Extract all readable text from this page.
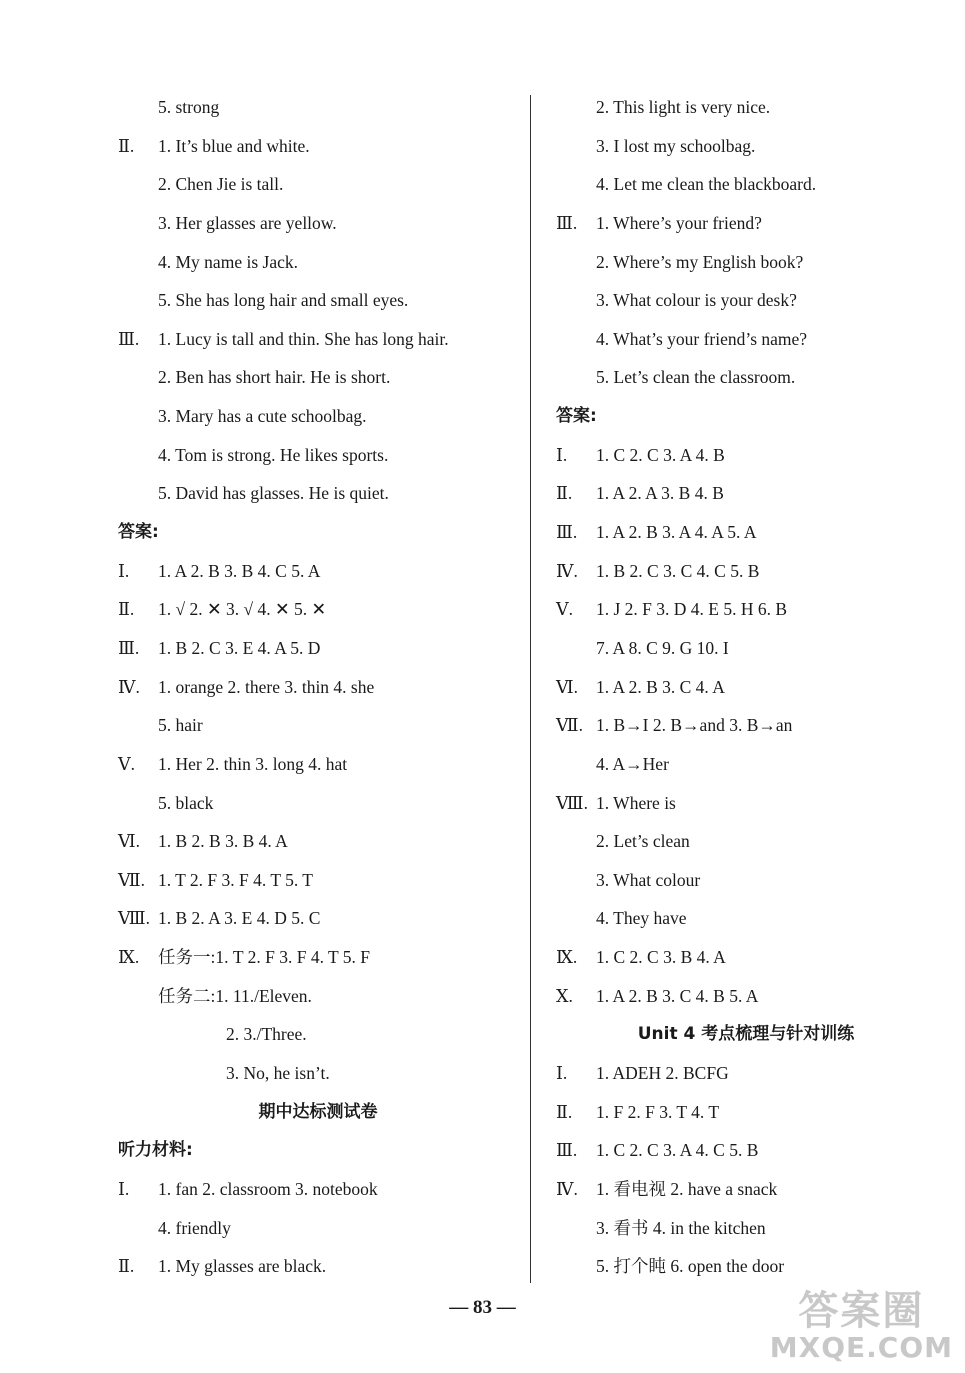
5. strong
Ⅱ. 1. It’s blue and white.
2. Chen Jie is tall.
3. Her glasses are yellow.
4. My name is Jack.
5. She has long hair and small eyes.
Ⅲ. 1. Lucy is tall and thin. She has long hair.
2. Ben has short hair. He is short.
3. Mary has a cute schoolbag.
4. Tom is strong. He likes sports.
5. David has glasses. He is quiet.
答案:
Ⅰ. 1. A 2. B 3. B 4. C 5. A
Ⅱ. 1. √ 2. ✕ 3. √ 4. ✕ 5. ✕
Ⅲ. 1. B 2. C 3. E 4. A 5. D
Ⅳ. 1. orange 2. there 3. thin 4. she
5. hair
Ⅴ. 1. Her 2. thin 3. long 4. hat
5. black
Ⅵ. 1. B 2. B 3. B 4. A
Ⅶ. 1. T 2. F 3. F 4. T 5. T
Ⅷ. 1. B 2. A 3. E 4. D 5. C
Ⅸ. 任务一:1. T 2. F 3. F 4. T 5. F
任务二:1. 11./Eleven.
2. 3./Three.
3. No, he isn’t.
期中达标测试卷
听力材料:
Ⅰ. 1. fan 2. classroom 3. notebook
4. friendly
Ⅱ. 1. My glasses are black.
2. This light is very nice.
3. I lost my schoolbag.
4. Let me clean the blackboard.
Ⅲ. 1. Where’s your friend?
2. Where’s my English book?
3. What colour is your desk?
4. What’s your friend’s name?
5. Let’s clean the classroom.
答案:
Ⅰ. 1. C 2. C 3. A 4. B
Ⅱ. 1. A 2. A 3. B 4. B
Ⅲ. 1. A 2. B 3. A 4. A 5. A
Ⅳ. 1. B 2. C 3. C 4. C 5. B
Ⅴ. 1. J 2. F 3. D 4. E 5. H 6. B
7. A 8. C 9. G 10. I
Ⅵ. 1. A 2. B 3. C 4. A
Ⅶ. 1. B→I 2. B→and 3. B→an
4. A→Her
Ⅷ. 1. Where is
2. Let’s clean
3. What colour
4. They have
Ⅸ. 1. C 2. C 3. B 4. A
Ⅹ. 1. A 2. B 3. C 4. B 5. A
Unit 4 考点梳理与针对训练
Ⅰ. 1. ADEH 2. BCFG
Ⅱ. 1. F 2. F 3. T 4. T
Ⅲ. 1. C 2. C 3. A 4. C 5. B
Ⅳ. 1. 看电视 2. have a snack
3. 看书 4. in the kitchen
5. 打个盹 6. open the door
— 83 —	答案圈
MXQE.COM
